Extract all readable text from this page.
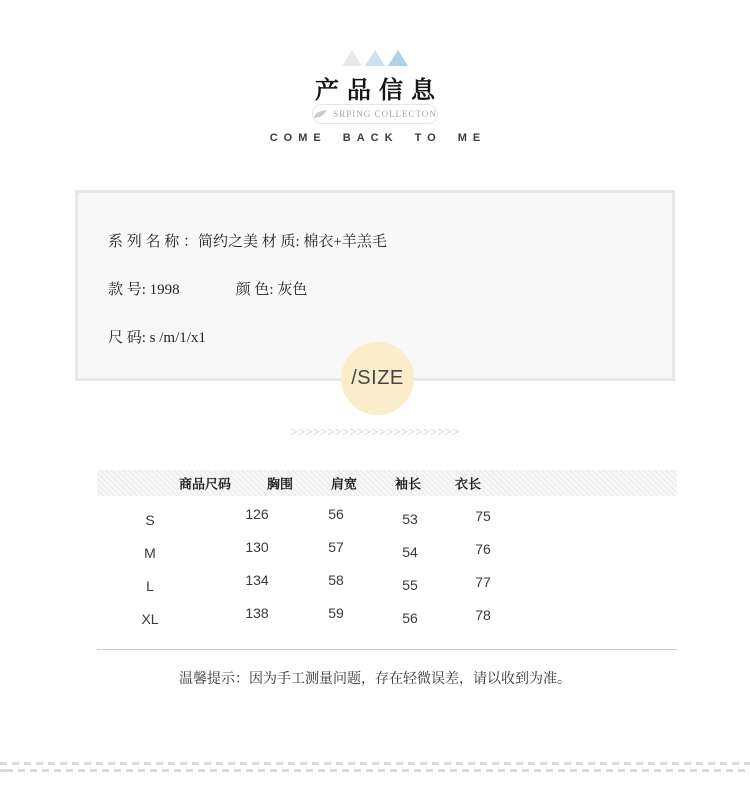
产品信息
SRPING COLLECTON
COME BACK TO ME

系 列 名 称 ：简约之美 材 质: 棉衣+羊羔毛

款 号: 1998	颜 色: 灰色

尺 码: s /m/1/x1

/SIZE
>>>>>>>>>>>>>>>>>>>>>>>
商品尺码	胸围	肩宽	袖长	衣长
S	126	56	53	75
M	130	57	54	76
L	134	58	55	77
XL	138	59	56	78
温馨提示：因为手工测量问题，存在轻微误差，请以收到为准。
